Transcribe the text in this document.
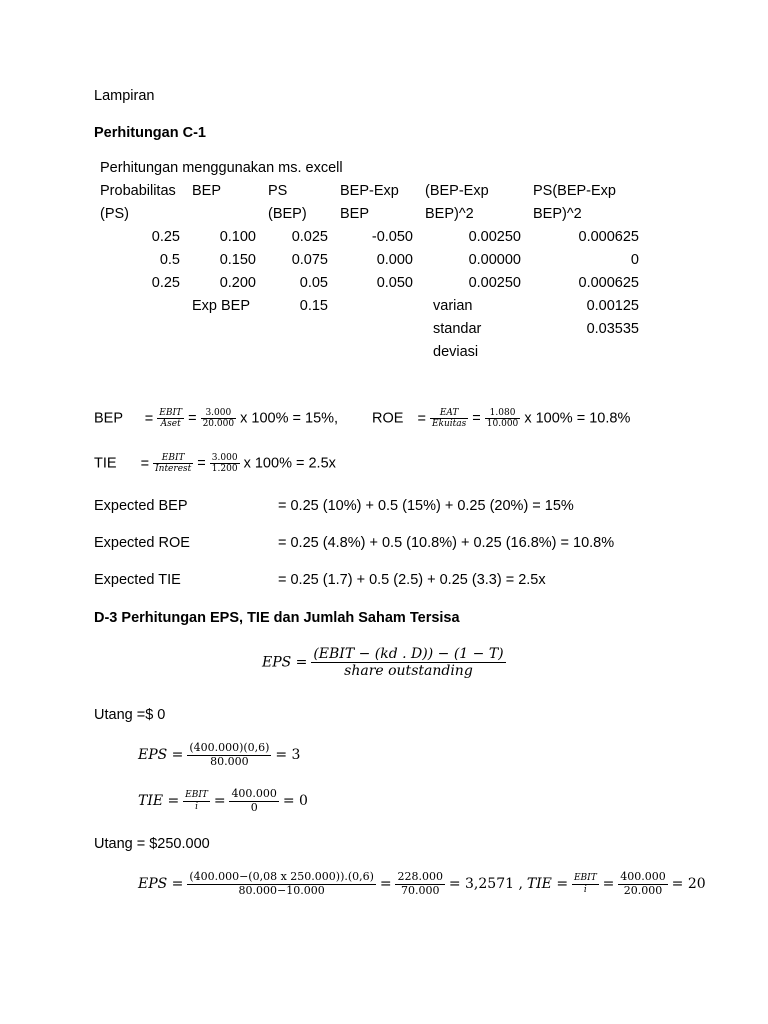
Lampiran
Perhitungan C-1
Perhitungan menggunakan ms. excell
Probabilitas	BEP	PS	BEP-Exp	(BEP-Exp	PS(BEP-Exp
(PS)		(BEP)	BEP	BEP)^2	BEP)^2
0.25	0.100	0.025	-0.050	0.00250	0.000625
0.5	0.150	0.075	0.000	0.00000	0
0.25	0.200	0.05	0.050	0.00250	0.000625
	Exp BEP	0.15		varian	0.00125
				standar	0.03535
				deviasi	
BEP = $\frac{\text{EBIT}}{\text{Aset}} = \frac{3.000}{20.000}$ x 100% = 15%, ROE = $\frac{\text{EAT}}{\text{Ekuitas}} = \frac{1.080}{10.000}$ x 100% = 10.8%
TIE = $\frac{\text{EBIT}}{\text{Interest}} = \frac{3.000}{1.200}$ x 100% = 2.5x
Expected BEP	= 0.25 (10%) + 0.5 (15%) + 0.25 (20%) = 15%
Expected ROE	= 0.25 (4.8%) + 0.5 (10.8%) + 0.25 (16.8%) = 10.8%
Expected TIE	= 0.25 (1.7) + 0.5 (2.5) + 0.25 (3.3) = 2.5x
D-3 Perhitungan EPS, TIE dan Jumlah Saham Tersisa
EPS = $\frac{\text{(EBIT − (kd . D)) − (1 − T)}}{\text{share outstanding}}$
Utang =$ 0
EPS = $\frac{(400.000)(0,6)}{80.000} = 3$
TIE = $\frac{\text{EBIT}}{i} = \frac{400.000}{0} = 0$
Utang = $250.000
EPS = $\frac{(400.000-(0,08 x 250.000)).(0,6)}{80.000-10.000} = \frac{228.000}{70.000} = 3,2571$ , TIE = $\frac{\text{EBIT}}{i} = \frac{400.000}{20.000} = 20$
